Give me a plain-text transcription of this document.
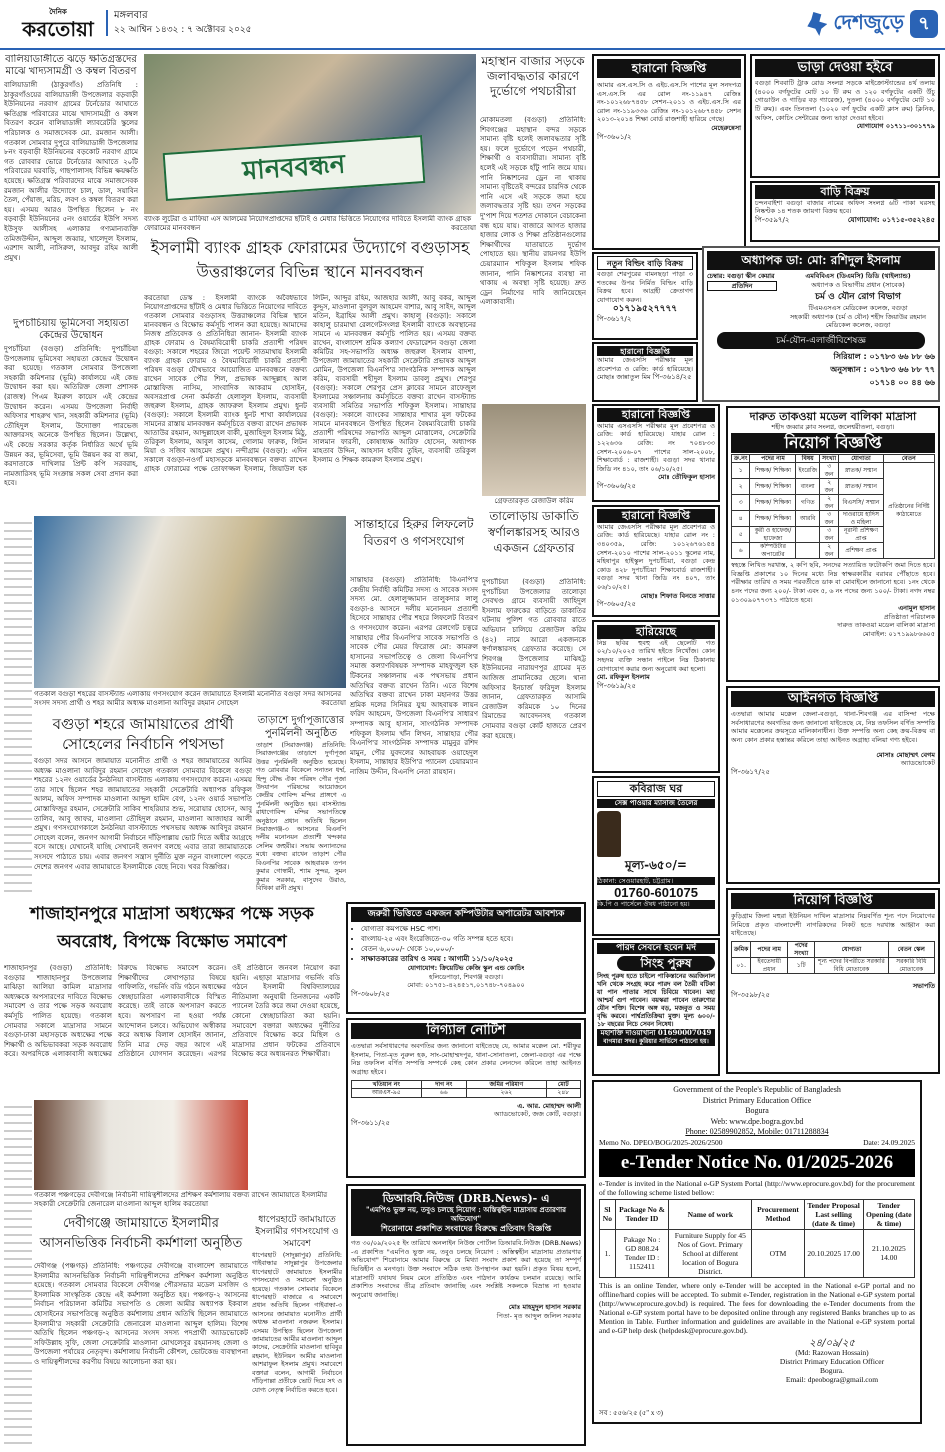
দৈনিক
করতোয়া
মঙ্গলবার
২২ আশ্বিন ১৪৩২ : ৭ অক্টোবর ২০২৫	দেশজুড়ে ৭
বালিয়াডাঙ্গীতে ঝড়ে ক্ষতিগ্রস্তদের মাঝে খাদ্যসামগ্রী ও কম্বল বিতরণ
বালিয়াডাঙ্গী (ঠাকুরগাঁও) প্রতিনিধি : ঠাকুরগাঁওয়ের বালিয়াডাঙ্গী উপজেলার বড়বাড়ী ইউনিয়নের নরবাগ গ্রামের টর্নেডোর আঘাতে ক্ষতিগ্রস্ত পরিবারের মাঝে খাদ্যসামগ্রী ও কম্বল বিতরণ করেন বালিয়াডাঙ্গী ল্যাবরেটরি স্কুলের পরিচালক ও সমাজসেবক মো. রমজান আলী। গতকাল সোমবার দুপুরে বালিয়াডাঙ্গী উপজেলার ৮নং বড়বাড়ী ইউনিয়নের বড়কোট নরবাগ গ্রামে গত রোববার ভোরে টর্নেডোর আঘাতে ২০টি পরিবারের ঘরবাড়ি, গাছপালাসহ বিভিন্ন ক্ষয়ক্ষতি হয়েছে। ক্ষতিগ্রস্ত পরিবারদের মাঝে সমাজসেবক রমজান আলীর উদ্যোগে চাল, ডাল, সয়াবিন তৈল, পেঁয়াজ, মরিচ, লবণ ও কম্বল বিতরণ করা হয়। এসময় আরও উপস্থিত ছিলেন ৮ নং বড়বাড়ী ইউনিয়নের ৫নং ওয়ার্ডের ইউপি সদস্য ইউসুফ আলীসহ এলাকার গণ্যমান্যব্যক্তি তমিজউদ্দীন, আব্দুল জব্বার, খালেদুল ইসলাম, এরশাদ আলী, নাসিরুল, আবদুর রহিম আলী প্রমুখ।
দুপচাঁচিয়ায় ভূমিসেবা সহায়তা কেন্দ্রের উদ্বোধন
দুপচাঁচিয়া (বগুড়া) প্রতিনিধি: দুপচাঁচিয়া উপজেলায় ভূমিসেবা সহায়তা কেন্দ্রের উদ্বোধন করা হয়েছে। গতকাল সোমবার উপজেলা সহকারী কমিশনার (ভূমি) কার্যালয়ে এই কেন্দ্র উদ্বোধন করা হয়। অতিরিক্ত জেলা প্রশাসক (রাজস্ব) পিএম ইমরুল কায়েস এই কেন্দ্রের উদ্বোধন করেন। এসময় উপজেলা নির্বাহী অফিসার শাহরুখ খান, সহকারী কমিশনার (ভূমি) তৌহিদুল ইসলাম, উদ্যোক্তা পারভেজ আক্তারসহ অনেকে উপস্থিত ছিলেন। উল্লেখ্য, এই কেন্দ্রে সরকার কর্তৃক নির্ধারিত অর্থে ভূমি উন্নয়ন কর, ভূমিসেবা, ভূমি উন্নয়ন কর বা জমা, করদাতাকে দাখিলার প্রিন্ট কপি সরবরাহ, নামজারিসহ ভূমি সংক্রান্ত সকল সেবা প্রদান করা হবে।
মানববন্ধন
ব্যাংক লুটেরা ও মাফিয়া এস আলমের নিয়োগপ্রাপ্তদের ছাঁটাই ও মেধার ভিত্তিতে নিয়োগের দাবিতে ইসলামী ব্যাংক গ্রাহক ফোরামের মানববন্ধন	করতোয়া
ইসলামী ব্যাংক গ্রাহক ফোরামের উদ্যোগে বগুড়াসহ উত্তরাঞ্চলের বিভিন্ন স্থানে মানববন্ধন
করতোয়া ডেস্ক : ইসলামী ব্যাংকে অবৈধভাবে নিয়োগপ্রাপ্তদের ছাঁটাই ও মেধার ভিত্তিতে নিয়োগের দাবিতে গতকাল সোমবার বগুড়াসহ উত্তরাঞ্চলের বিভিন্ন স্থানে মানববন্ধন ও বিক্ষোভ কর্মসূচি পালন করা হয়েছে। আমাদের নিজস্ব প্রতিবেদক ও প্রতিনিধিরা জানান- ইসলামী ব্যাংক গ্রাহক ফোরাম ও বৈষম্যবিরোধী চাকরি প্রত্যাশী পরিষদ বগুড়া: সকালে শহরের জিরো পয়েন্ট সাতমাথায় ইসলামী ব্যাংক গ্রাহক ফোরাম ও বৈষম্যবিরোধী চাকরি প্রত্যাশী পরিষদ বগুড়া যৌথভাবে আয়োজিত মানববন্ধনে বক্তব্য রাখেন সাবেক পৌর শিল, প্রভাষক আব্দুল্লাহ আল মোস্তাফিজ নাসিম, সাংবাদিক আকরাম হোসাইন, অবসরপ্রাপ্ত সেনা কর্মকর্তা হেলালুল ইসলাম, ব্যবসায়ী জহুরুল ইসলাম, গ্রাহক জাফরুল ইসলাম প্রমুখ। ধুনট (বগুড়া): সকালে ইসলামী ব্যাংক ধুনট শাখা কার্যালয়ের সামনের রাস্তায় মানববন্ধন কর্মসূচিতে বক্তব্য রাখেন প্রভাষক আতাউর রহমান, আব্দুল্লাহেল বাকী, মুজাহিদুল ইসলাম মিঠু, তরিকুল ইসলাম, আবুল কাসেম, গোলাম ফারুক, লিটন মিয়া ও সজিব আহমেদ প্রমুখ। নন্দীগ্রাম (বগুড়া): এদিন সকালে বগুড়া-নওগাঁ মহাসড়কে মানববন্ধনে বক্তব্য রাখেন গ্রাহক ফোরামের পক্ষে তোফাজ্জল ইসলাম, জিয়াউল হক লিটন, আব্দুর রহিম, আজহার আলী, আবু বকর, আব্দুল কুদ্দুস, মাওলানা বুলবুল আহমেদ বাশার, আবু সাইদ, আব্দুল মতিন, ইব্রাহিম আলী প্রমুখ। কাহালু (বগুড়া): সকালে কাহালু চারমাথা রেলগেটসংলগ্ন ইসলামী ব্যাংকে অবস্থানের সামনে এ মানববন্ধন কর্মসূচি পালিত হয়। এসময় বক্তব্য রাখেন, বাংলাদেশ শ্রমিক কল্যাণ ফেডারেশন বগুড়া জেলা কমিটির সহ-সভাপতি অধ্যক্ষ জহুরুল ইসলাম বাদশা, উপজেলা জামায়াতের সহকারী সেক্রেটারি প্রভাষক আব্দুল মোমিন, উপজেলা বিএনপি'র সাংগঠনিক সম্পাদক আব্দুল করিম, ব্যবসায়ী শহীদুল ইসলাম ডাবলু প্রমুখ। শেরপুর (বগুড়া): সকালে শেরপুর প্রেস ক্লাবের সামনে রাফেজুল ইসলামের সঞ্চালনায় কর্মসূচিতে বক্তব্য রাখেন বাসস্ট্যান্ড ব্যবসায়ী সমিতির সভাপতি শফিকুল ইসলাম। সান্তাহার (বগুড়া): সকালে ব্যাংকের সান্তাহার শাখার মূল ফটকের সামনে মানববন্ধনে উপস্থিত ছিলেন বৈষম্যবিরোধী চাকরি প্রত্যাশী পরিষদের সভাপতি আব্দুল মোত্তালেব, সেক্রেটারি সালমান ফারসী, কোষাধ্যক্ষ আরিফ হোসেন, অধ্যাপক মাহতাব উদ্দিন, আহসান হাবীব তুহিন, ব্যবসায়ী তরিকুল ইসলাম ও শিক্ষক কামরুল ইসলাম প্রমুখ।
মহাস্থান বাজার সড়কে জলাবদ্ধতার কারণে দুর্ভোগে পথচারীরা
মোকামতলা (বগুড়া) প্রতিনিধি: শিবগঞ্জের মহাস্থান বন্দর সড়কে সামান্য বৃষ্টি হলেই জলাবদ্ধতার সৃষ্টি হয়। ফলে দুর্ভোগে পড়েন পথচারী, শিক্ষার্থী ও ব্যবসায়ীরা। সামান্য বৃষ্টি হলেই এই সড়কে হাঁটু পানি জমে যায়। পানি নিষ্কাশনের ড্রেন না থাকায় সামান্য বৃষ্টিতেই বন্দরের চারদিক থেকে পানি এসে এই সড়কে জমা হয়ে জলাবদ্ধতার সৃষ্টি হয়। তখন সড়কের দু'পাশ দিয়ে শতশত দোকানে বেচাকেনা বন্ধ হয়ে যায়। বাজারে আগত হাজার হাজার লোক ও শিক্ষা প্রতিষ্ঠানগুলোর শিক্ষার্থীদের যাতায়াতে দুর্ভোগ পোহাতে হয়। স্থানীয় রায়নগর ইউপি চেয়ারম্যান শফিকুল ইসলাম শফিক জানান, পানি নিষ্কাশনের ব্যবস্থা না থাকায় এ অবস্থা সৃষ্টি হয়েছে। দ্রুত ড্রেন নির্মাণের দাবি জানিয়েছেন এলাকাবাসী।
হারানো বিজ্ঞপ্তি
আমার এস.এস.সি ও এইচ.এস.সি পাশের মূল সনদপত্র এস.এস.সি এর রোল নং-১১৯৪৭ রেজিঃ নং-১০১২৬৮৭৪৫৮ সেশন-২০১১ ও এইচ.এস.সি এর রোল নং-১১৯৩৩৬ রেজিঃ নং-১০১২৬৮৭৪৫৮ সেশন ২০১৩-২০১৪ শিক্ষা বোর্ড রাজশাহী হারিয়ে গেছে।
মেহেরুন্নেসা
পি-৩৬০১/২
ভাড়া দেওয়া হইবে
বগুড়া শিববাটি ট্রাক রোড সংলগ্ন সড়কে মাইক্রোস্ট্যান্ডের ৪র্থ তলায় (৪০০০ বর্গফুটের মোট ১০ টি রুম ও ১২০ বর্গফুটের একটি উঁচু গোডাউন ও গাড়ির বড় গ্যারেজ), দুতলা (৪০০০ বর্গফুটের মোট ১০ টি রুম)। এবং তিনতলা (১০২০ বর্গ ফুটের একটি ক্লাস রুম) ক্লিনিক, অফিস, কোচিং সেন্টারের জন্য ভাড়া দেওয়া হইবে।
যোগাযোগ ০১৭১১-৩০১৭৭৯
বাড়ি বিক্রয়
চন্দনবাইশা বগুড়া বাজার নামের অফিস সংলগ্ন ৬টি পাকা ঘরসহ নিষ্কণ্টক ১৪ শতক জায়গা বিক্রয় হবে।
পি-৩৫৯৭/২	যোগাযোগ: ০১৭১৫-৩৫২২৪৫
নতুন বিল্ডিং বাড়ি বিক্রয়
বগুড়া শেরপুরের বামনছড়া পাড়া ৩ শতকের উপর নির্মিত বিল্ডিং বাড়ি বিক্রয় হবে। আগ্রহী ক্রেতাগণ যোগাযোগ করুন।
০১৭১৯৫২৭৭৭৭
পি-৩৬১৭/২
হারানো বিজ্ঞপ্তি
আমার জেএসসি পরীক্ষার মূল প্রবেশপত্র ও রেজি: কার্ড হারিয়েছে। মোছাঃ জান্নাতুল মিম পি-৩৬১৪/২৫
অধ্যাপক ডা: মো: রশিদুল ইসলাম
চেম্বার: বগুড়া স্কীন কেয়ার
প্রতিদিন
এমবিবিএস (ডিএমসি) ডিডি (থাইল্যান্ড)
অধ্যাপক ও বিভাগীয় প্রধান (সাবেক)
চর্ম ও যৌন রোগ বিভাগ
টিএমএসএস মেডিকেল কলেজ, বগুড়া
সহকারী অধ্যাপক (চর্ম ও যৌন) শহীদ জিয়াউর রহমান মেডিকেল কলেজ, বগুড়া
চর্ম-যৌন-এলার্জীবিশেষজ্ঞ
সিরিয়াল : ০১৭৮৩ ৬৬ ৮৮ ৬৬
অনুসন্ধান : ০১৭৮৩ ৬৬ ৮৮ ৭৭
০১৭১৪ ০০ ৪৪ ৬৬
গ্রেফতারকৃত রেজাউল করিম
তালোড়ায় ডাকাতি স্বর্ণালঙ্কারসহ আরও একজন গ্রেফতার
দুপচাঁচিয়া (বগুড়া) প্রতিনিধি: দুপচাঁচিয়া উপজেলার তালোড়া সেবখণ্ড গ্রামে ব্যবসায়ী জাহিদুল ইসলাম ফারুকের বাড়িতে ডাকাতির ঘটনায় পুলিশ গত রোববার রাতে অভিযান চালিয়ে রেজাউল করিম (৪২) নামে আরো একজনকে স্বর্ণালঙ্কারসহ গ্রেফতার করেছে। সে শিবগঞ্জ উপজেলার মাঝিহট্ট ইউনিয়নের নারায়ণপুর গ্রামের মৃত আজিজ প্রামানিকের ছেলে। থানা অফিসার ইনচার্জ ফরিদুল ইসলাম জানান, গ্রেফতারকৃত আসামি রেজাউল করিমকে ১০ দিনের রিমান্ডের আবেদনসহ গতকাল সোমবার বগুড়া কোর্ট হাজতে প্রেরণ করা হয়েছে।
হারানো বিজ্ঞপ্তি
আমার এসএসসি পরীক্ষার মূল প্রবেশপত্র ও রেজি: কার্ড হারিয়েছে। যাহার রোল : ১২২৬৩৬ রেজি: নং ৭০৪৮৩৩ সেশন-২০০৬-০৭ পাশের সাল-২০০৮, শিক্ষাবোর্ড : রাজশাহী। বগুড়া সদর থানার জিডি নং ৪১০, তাং ০৬/১০/২৫।
মোঃ তৌফিকুল হাসান
পি-৩৬০৬/২৫
হারানো বিজ্ঞপ্তি
আমার জেএসসি পরীক্ষার মূল প্রবেশপত্র ও রেজি: কার্ড হারিয়েছে। যাহার রোল নং : ৩৪০৩৫৯, রেজি: ১০১২৬৭৬১৫৪ সেশন-২০১০ পাশের সাল-২০১১ স্কুলের নাম, মহিষাপুর হাইস্কুল দুপচাঁচিয়া, বগুড়া কেন্দ্র কোড ৪২৮ দুপচাঁচিয়া শিক্ষাবোর্ড রাজশাহী। বগুড়া সদর থানা জিডি নং ৪০৭, তাং ০৬/১০/২৫।
মোছাঃ শিফাত বিনতে সাত্তার
পি-৩৬০৫/২৫
হারিয়েছে
নিম্ন ছবির হুবহু এই ছেলেটি গত ০২/১০/২০২৫ তারিখ হইতে নিখোঁজ। কোন সহৃদয় ব্যক্তি সন্ধান পাইলে নিম্ন ঠিকানায় যোগাযোগ করার জন্য অনুরোধ করা হলো।
মো. রফিকুল ইসলাম
পি-৩৬১৯/২৫
কবিরাজ ঘর
সেক্স পাওয়ার ম্যাসাজ তৈলের
মূল্য-৬৫০/=
ঠিকানা: সেওয়ারহাট, চট্টগ্রাম।
01760-601075
কি.পি ও পার্সেলে ঔষধ পাঠানো হয়।
পারদ সেবনে হবেন মর্দ
সিংহ পুরুষ
সিংহ পুরুষ হতে চাইলে পাকিস্তানের অরজিনাল খনি থেকে সংগ্রহ করে পারদ বল তৈরী বটিকা যা পান পাতার সাথে চিবিয়ে খাবেন। মহা আশ্চর্য গুণ পাবেন। বয়স্করা পাবেন তারুণ্যের যৌন শক্তি। বিশেষ অঙ্গ বড়, মজবুত ও সময় বৃদ্ধি করবে। পার্শ্বপ্রতিক্রিয়া মুক্ত। মূল্য ৬০০/- ১৮ বছরের নিচে সেবন নিষেধ।
মহাশক্তি দাওয়াখানা 01690007049
বাগমারা সদর। কুরিয়ার সার্ভিসে পাঠানো হয়।
দারুত তাকওয়া মডেল বালিকা মাদ্রাসা
শহীদ জব্বার ক্লাব সংলগ্ন, জলেশ্বরীতলা, বগুড়া।
নিয়োগ বিজ্ঞপ্তি
ক্র.নং	পদের নাম	বিষয়	সংখ্যা	যোগ্যতা	বেতন
১	শিক্ষক/ শিক্ষিকা	ইংরেজি	৩ জন	স্নাতক/ সম্মান	প্রতিষ্ঠানের নির্দিষ্ট কাঠামোতে
২	শিক্ষক/ শিক্ষিকা	বাংলা	২ জন	স্নাতক/ সম্মান	
৩	শিক্ষক/ শিক্ষিকা	গণিত	২ জন	বিএসসি/ সম্মান	
৪	শিক্ষক/ শিক্ষিকা	আরবি	৩ জন	দাওরায়ে হাদিস ও মহিলা	
৫	কুরী ও হাফেজ/ হাফেজা		৩ জন	নূরানী প্রশিক্ষণ প্রাপ্ত	
৬	কম্পিউটার অপারেটর		২ জন	প্রশিক্ষণ প্রাপ্ত	
স্বহস্তে লিখিত দরখাস্ত, ২ কপি ছবি, সনদের সত্যায়িত ফটোকপি জমা দিতে হবে। বিজ্ঞপ্তি প্রকাশের ১০ দিনের মধ্যে নিম্ন স্বাক্ষরকারীর বরাবর পৌঁছাতে হবে। পরীক্ষার তারিখ ও সময় পরবর্তীতে ডাক বা মোবাইলে জানানো হবে। ১নং থেকে ৪নং পদের জন্য ২০০/- টাকা এবং ৫, ৬ নং পদের জন্য ১০০/- টাকা। নগদ নম্বর ০১৩০৯০৭৭৩৭১ পাঠাতে হবে।
এনামুল হাসান
প্রতিষ্ঠাতা পরিচালক
দারুত তাকওয়া মডেল বালিকা মাদ্রাসা
মোবাইল: ০১৭১৯৯৮৬৬০৫
আইনগত বিজ্ঞপ্তি
এতদ্বারা আমার মক্কেল জেলা-বগুড়া, থানা-শিবগঞ্জ এর বাসিন্দা পক্ষে সর্বসাধারণের অবগতির জন্য জানানো যাইতেছে যে, নিম্ন তফসিল বর্ণিত সম্পত্তি আমার মক্কেলের ক্রয়সূত্রে মালিকানাধীন। উক্ত সম্পত্তি অন্য কেহ ক্রয়-বিক্রয় বা অন্য কোন প্রকার হস্তান্তর করিলে তাহা আইনত অগ্রাহ্য বলিয়া গণ্য হইবে।
মোসাঃ মোছাম্মৎ বেগম
অ্যাডভোকেট
পি-৩৬১৭/২৫
নিয়োগ বিজ্ঞপ্তি
কুড়িগ্রাম জিলা মহুরা ইউনিয়ন দাখিল মাদ্রাসার নিম্নবর্ণিত শূন্য পদে নিয়োগের নিমিত্তে প্রকৃত বাংলাদেশী নাগরিকদের নিকট হতে দরখাস্ত আহ্বান করা যাইতেছে।
ক্রমিক	পদের নাম	পদের সংখ্যা	যোগ্যতা	বেতন স্কেল
০১.	ইবতেদায়ী প্রধান	১টি	শূন্য পদের বিপরীতে সরকারি বিধি মোতাবেক	সরকারি বিধি মোতাবেক
সভাপতি
পি-৩৫৯৮/২৫
সান্তাহারে হিরুর লিফলেট বিতরণ ও গণসংযোগ
সান্তাহার (বগুড়া) প্রতিনিধি: বিএনপি'র কেন্দ্রীয় নির্বাহী কমিটির সদস্য ও সাবেক সংসদ সদস্য মো. হেলালুজ্জামান তালুকদার লালু বগুড়া-৪ আসনে দলীয় মনোনয়ন প্রত্যাশী হিসেবে সান্তাহার পৌর শহরে লিফলেট বিতরণ ও গণসংযোগ করেন। এরপর রেলগেট চত্বরে সান্তাহার পৌর বিএনপি'র সাবেক সভাপতি ও সাবেক পৌর মেয়র ফিরোজ মো: কামরুল হাসানের সভাপতিত্বে ও জেলা বিএনপি'র সমাজ কল্যাণবিষয়ক সম্পাদক মাহফুজুল হক টিকনের সঞ্চালনায় এক পথসভায় প্রধান অতিথির বক্তব্য রাখেন তিনি। এতে বিশেষ অতিথির বক্তব্য রাখেন ঢাকা মহানগর উত্তর শ্রমিক দলের সিনিয়র যুগ্ম আহবায়ক লায়ন ফরিদ আহমেদ, উপজেলা বিএনপি'র সাধারণ সম্পাদক আবু হাসান, সাংগঠনিক সম্পাদক শফিকুল ইসলাম খাঁন লিখন, সান্তাহার পৌর বিএনপি'র সাংগঠনিক সম্পাদক মামুনুর রশিদ মামুন, পৌর যুবদলের আহবায়ক ওয়াহেদুল ইসলাম, সান্তাহার ইউপি'র প্যানেল চেয়ারম্যান নাজিম উদ্দীন, বিএনপি নেতা রায়হান।
গতকাল বগুড়া শহরের বাসস্ট্যান্ড এলাকায় গণসংযোগ করেন জামায়াতে ইসলামী মনোনীত বগুড়া সদর আসনের সংসদ সদস্য প্রার্থী ও শহর আমীর অধ্যক্ষ মাওলানা আবিদুর রহমান সোহেল	করতোয়া
বগুড়া শহরে জামায়াতের প্রার্থী সোহেলের নির্বাচনি পথসভা
বগুড়া সদর আসনে জামায়াত মনোনীত প্রার্থী ও শহর জামায়াতের আমির অধ্যক্ষ মাওলানা আবিদুর রহমান সোহেল গতকাল সোমবার বিকেলে বগুড়া শহরের ১২নং ওয়ার্ডের ঠনঠনিয়া বাসস্ট্যান্ড এলাকায় গণসংযোগ করেন। এসময় তার সাথে ছিলেন শহর জামায়াতের সহকারী সেক্রেটারি অধ্যাপক রফিকুল আলম, অফিস সম্পাদক মাওলানা আব্দুল হামিদ বেগ, ১২নং ওয়ার্ড সভাপতি মোস্তাফিজুর রহমান, সেক্রেটারি সাকিব শাহরিয়ার শুভ, সরোয়ার হোসেন, আবু তালিব, আবু জাফর, মাওলানা তৌহিদুল রহমান, মাওলানা আজাহার আলী প্রমুখ। গণসংযোগকালে ঠনঠনিয়া বাসস্ট্যান্ডে পথসভায় অধ্যক্ষ আবিদুর রহমান সোহেল বলেন, জনগণ আগামী নির্বাচনে দাঁড়িপাল্লায় ভোট দিতে অধীর আগ্রহে বসে আছে। যেখানেই যাচ্ছি সেখানেই জনগণ বলছে এবার তারা জামায়াতকে সংসদে পাঠাতে চায়। এবার জনগণ সন্ত্রাস দুর্নীতি মুক্ত নতুন বাংলাদেশ গড়তে দেশের জনগণ এবার জামায়াতে ইসলামীকে বেছে নিবে। খবর বিজ্ঞপ্তির।
তাড়াশে দুর্গাপূজাত্তোর পুনর্মিলনী অনুষ্ঠিত
তাড়াশ (সিরাজগঞ্জ) প্রতিনিধি: সিরাজগঞ্জের তাড়াশে দুর্গাপূজা উত্তর পুনর্মিলনী অনুষ্ঠিত হয়েছে। গত রোববার বিকেলে সনাতন ধর্ম্ম, হিন্দু বৌদ্ধ ঐক্য পরিষদ পৌর পূজা উদযাপন পরিষদের আয়োজনে কেন্দ্রীয় গোবিন্দ মন্দির প্রাঙ্গণে এ পুনর্মিলনী অনুষ্ঠিত হয়। বাসস্ট্যান্ড রাধাগোবিন্দ মন্দির সভাপতিত্বে অনুষ্ঠানে প্রধান অতিথি ছিলেন সিরাজগঞ্জ-৩ আসনের বিএনপি দলীয় মনোনয়ন প্রত্যাশী খন্দকার সেলিম জহুরীর। সভায় অন্যান্যদের মধ্যে বক্তব্য রাখেন তাড়াশ পৌর বিএনপির সাবেক আহবায়ক তপন কুমার গোস্বামী, শ্যাম সুন্দর, সুমন কুমার সরকার, বাসুদেব উরাও, বিথিকা রানী প্রমুখ।
শাজাহানপুরে মাদ্রাসা অধ্যক্ষের পক্ষে সড়ক অবরোধ, বিপক্ষে বিক্ষোভ সমাবেশ
শাজাহানপুর (বগুড়া) প্রতিনিধি: বগুড়ার শাজাহানপুর উপজেলার মাঝিড়া আলিয়া কামিল মাদ্রাসার অধ্যক্ষকে অপসারণের দাবিতে বিক্ষোভ সমাবেশ ও তার পক্ষে সড়ক অবরোধ কর্মসূচি পালিত হয়েছে। গতকাল সোমবার সকালে মাদ্রাসার সামনে বগুড়া-ঢাকা মহাসড়কে অধ্যক্ষের পক্ষে শিক্ষার্থী ও অভিভাবকরা সড়ক অবরোধ করে। অপরদিকে এলাকাবাসী অধ্যক্ষের বিরুদ্ধে বিক্ষোভ সমাবেশ করেন। শিক্ষার্থীদের লেখাপড়ার বিষয়ে গাফিলতি, গভর্নিং বডি গঠনে অধ্যক্ষের স্বেচ্ছাচারিতা এলাকাবাসীকে বিস্মিত করেছে। তাই তাকে অপসারণ করতে হবে। অপসারণ না হওয়া পর্যন্ত আন্দোলন চলবে। অভিযোগ অস্বীকার করে অধ্যক্ষ বিলাল হোসাইন জানান, তিনি মাত্র দেড় বছর আগে এই প্রতিষ্ঠানে যোগদান করেছেন। এরপর ওই প্রতিষ্ঠানে জনবল নিয়োগ করা হয়নি। এছাড়া মাদ্রাসার গভর্নিং বডি গঠনে ইসলামী বিশ্ববিদ্যালয়ের নীতিমালা অনুযায়ী তিনজনের একটি প্যানেল তৈরি করে জমা দেওয়া হয়েছে, কোনো স্বেচ্ছাচারিতা করা হয়নি। সমাবেশে বক্তারা অধ্যক্ষের দুর্নীতির প্রতিবাদে বিক্ষোভ করে মিছিল ও মাদ্রাসার প্রধান ফটকের প্রতিবাদে বিক্ষোভ করে অধ্যয়নরত শিক্ষার্থীরা।
জরুরী ভিত্তিতে একজন কম্পিউটার অপারেটর আবশ্যক
• যোগ্যতা কমপক্ষে HSC পাশ।
• বাংলায়-২৫ এবং ইংরেজিতে-৩০ গতি সম্পন্ন হতে হবে।
• বেতন ৬,০০০/- থেকে ১০,০০০/-
• সাক্ষাতকারের তারিখ ও সময় : আগামী ১১/১০/২০২৫
যোগাযোগ: ক্রিয়েটিভ কেজি স্কুল এন্ড কোচিং
হলিডেপাড়া, শিবগঞ্জ বগুড়া।
মোবা: ০১৭৫১-৪২৪৫১৭,০১৭৪৮-৭০৪৯০০
পি-৩৬০৮/২৫
লিগ্যাল নোটিশ
এতদ্বারা সর্বসাধারণের অবগতির জন্য জানানো যাইতেছে যে, আমার মক্কেল মো. শরীফুর ইসলাম, পিতা-মৃত নুরুল হক, সাং-মোহাম্মদপুর, থানা-সোনাতলা, জেলা-বগুড়া এর পক্ষে নিম্ন তফসিল বর্ণিত সম্পত্তি সম্পর্কে কেহ কোন প্রকার লেনদেন করিলে তাহা আইনত অগ্রাহ্য হইবে।
খতিয়ান নং	দাগ নং	জমির পরিমাণ	মোট
আরএস-৯৫	৬৬	২৬২	২৪৮
এ. আর. মোহাম্মদ আলী
অ্যাডভোকেট, জজ কোর্ট, বগুড়া।
পি-৩৬১১/২৫
ডিআরবি.নিউজ (DRB.News)- এ
"এমপিও ভুক্ত নয়, তবুও চলছে নিয়োগ : অস্তিত্বহীন মাদ্রাসায় প্রতারণার অভিযোগ"
শিরোনামে প্রকাশিত সংবাদের বিরুদ্ধে প্রতিবাদ বিজ্ঞপ্তি
গত ৩০/০৯/২০২৫ ইং তারিখে অনলাইন নিউজ পোর্টাল ডিআরবি.নিউজ (DRB.News) -এ প্রকাশিত "এমপিও ভুক্ত নয়, তবুও চলছে নিয়োগ : অস্তিত্বহীন মাদ্রাসায় প্রতারণার অভিযোগ" শিরোনামে আমার বিরুদ্ধে যে মিথ্যা সংবাদ প্রকাশ করা হয়েছে তা সম্পূর্ণ ভিত্তিহীন ও মনগড়া। উক্ত সংবাদে সঠিক তথ্য উপস্থাপন করা হয়নি। প্রকৃত বিষয় হলো, মাদ্রাসাটি যথাযথ নিয়ম মেনে প্রতিষ্ঠিত এবং পাঠদান কার্যক্রম চলমান রয়েছে। আমি প্রকাশিত সংবাদের তীব্র প্রতিবাদ জানাচ্ছি এবং সংশ্লিষ্ট সকলকে বিভ্রান্ত না হওয়ার অনুরোধ জানাচ্ছি।
মোঃ মাহমুদুল হাসান সরকার
পিতা- মৃত আব্দুল জলিল সরকার
গতকাল পঞ্চগড়ের দেবীগঞ্জে নির্বাচনী দায়িত্বশীলদের প্রশিক্ষণ কর্মশালায় বক্তব্য রাখেন জামায়াতে ইসলামীর সহকারী সেক্রেটারি জেনারেল মাওলানা আব্দুল হালিম করতোয়া
দেবীগঞ্জে জামায়াতে ইসলামীর আসনভিত্তিক নির্বাচনী কর্মশালা অনুষ্ঠিত
দেবীগঞ্জ (পঞ্চগড়) প্রতিনিধি: পঞ্চগড়ের দেবীগঞ্জে বাংলাদেশ জামায়াতে ইসলামীর আসনভিত্তিক নির্বাচনী দায়িত্বশীলদের প্রশিক্ষণ কর্মশালা অনুষ্ঠিত হয়েছে। গতকাল সোমবার বিকেলে দেবীগঞ্জ পৌরসভার মডেল মসজিদ ও ইসলামিক সাংস্কৃতিক কেন্দ্রে এই কর্মশালা অনুষ্ঠিত হয়। পঞ্চগড়-২ আসনের নির্বাচন পরিচালনা কমিটির সভাপতি ও জেলা আমীর অধ্যাপক ইকবাল হোসাইনের সভাপতিত্বে অনুষ্ঠিত কর্মশালায় প্রধান অতিথি ছিলেন জামায়াতে ইসলামী'র সহকারী সেক্রেটারি জেনারেল মাওলানা আব্দুল হালিম। বিশেষ অতিথি ছিলেন পঞ্চগড়-২ আসনের সংসদ সদস্য পদপ্রার্থী অ্যাডভোকেট সফিউল্লাহ সুফি, জেলা সেক্রেটারি মাওলানা মোখলেসুর রহমানসহ জেলা ও উপজেলা পর্যায়ের নেতৃবৃন্দ। কর্মশালায় নির্বাচনী কৌশল, ভোটকেন্দ্র ব্যবস্থাপনা ও দায়িত্বশীলদের করণীয় বিষয়ে আলোচনা করা হয়।
ধাপেরহাটে জামায়াতে ইসলামীর গণসংযোগ ও সমাবেশ
ধাপেরহাট (সাদুল্লাপুর) প্রতিনিধি: গাইবান্ধার সাদুল্লাপুর উপজেলার ধাপেরহাটে জামায়াতে ইসলামীর গণসংযোগ ও সমাবেশ অনুষ্ঠিত হয়েছে। গতকাল সোমবার বিকেলে ধাপেরহাট বাজারে এ সমাবেশে প্রধান অতিথি ছিলেন গাইবান্ধা-৩ আসনের জামায়াত মনোনীত প্রার্থী অধ্যক্ষ মাওলানা নজরুল ইসলাম। এসময় উপস্থিত ছিলেন উপজেলা জামায়াতের আমীর মাওলানা আব্দুল কাদের, সেক্রেটারি মাওলানা হাবিবুর রহমান, ইউনিয়ন আমীর মাওলানা আশরাফুল ইসলাম প্রমুখ। সমাবেশে বক্তারা বলেন, আগামী নির্বাচনে দাঁড়িপাল্লা প্রতীকে ভোট দিয়ে সৎ ও যোগ্য নেতৃত্ব নির্বাচিত করতে হবে।
Government of the People's Republic of Bangladesh
District Primary Education Office
Bogura
Web: www.dpe.bogra.gov.bd
Phone: 02589902852, Mobile: 01711288834
Memo No. DPEO/BOG/2025-2026/2500	Date: 24.09.2025
e-Tender Notice No. 01/2025-2026
e-Tender is invited in the National e-GP System Portal (http://www.eprocure.gov.bd) for the procurement of the following scheme listed bellow:
Sl No	Package No & Tender ID	Name of work	Procurement Method	Tender Proposal Last selling (date & time)	Tender Opening (date & time)
1.	Pakage No : GD 808.24 Tender ID : 1152411	Furniture Supply for 45 Nos of Govt. Primary School at different location of Bogura District.	OTM	20.10.2025 17.00	21.10.2025 14.00
This is an online Tender, where only e-Tender will be accepted in the National e-GP portal and no offline/hard copies will be accepted. To submit e-Tender, registration in the National e-GP system portal (http://www.eprocure.gov.bd) is required. The fees for downloading the e-Tender documents from the National e-GP system portal have to be deposited online through any registered Banks branches up to as Mention in Table. Further information and guidelines are available in the National e-GP system portal and e-GP help desk (helpdesk@eprocure.gov.bd).
২৪/০৯/২৫
(Md: Razowan Hossain)
District Primary Education Officer
Bogura.
Email: dpeobogra@gmail.com
সব : ৫৫৬/২৫ (৫" x ৩)
